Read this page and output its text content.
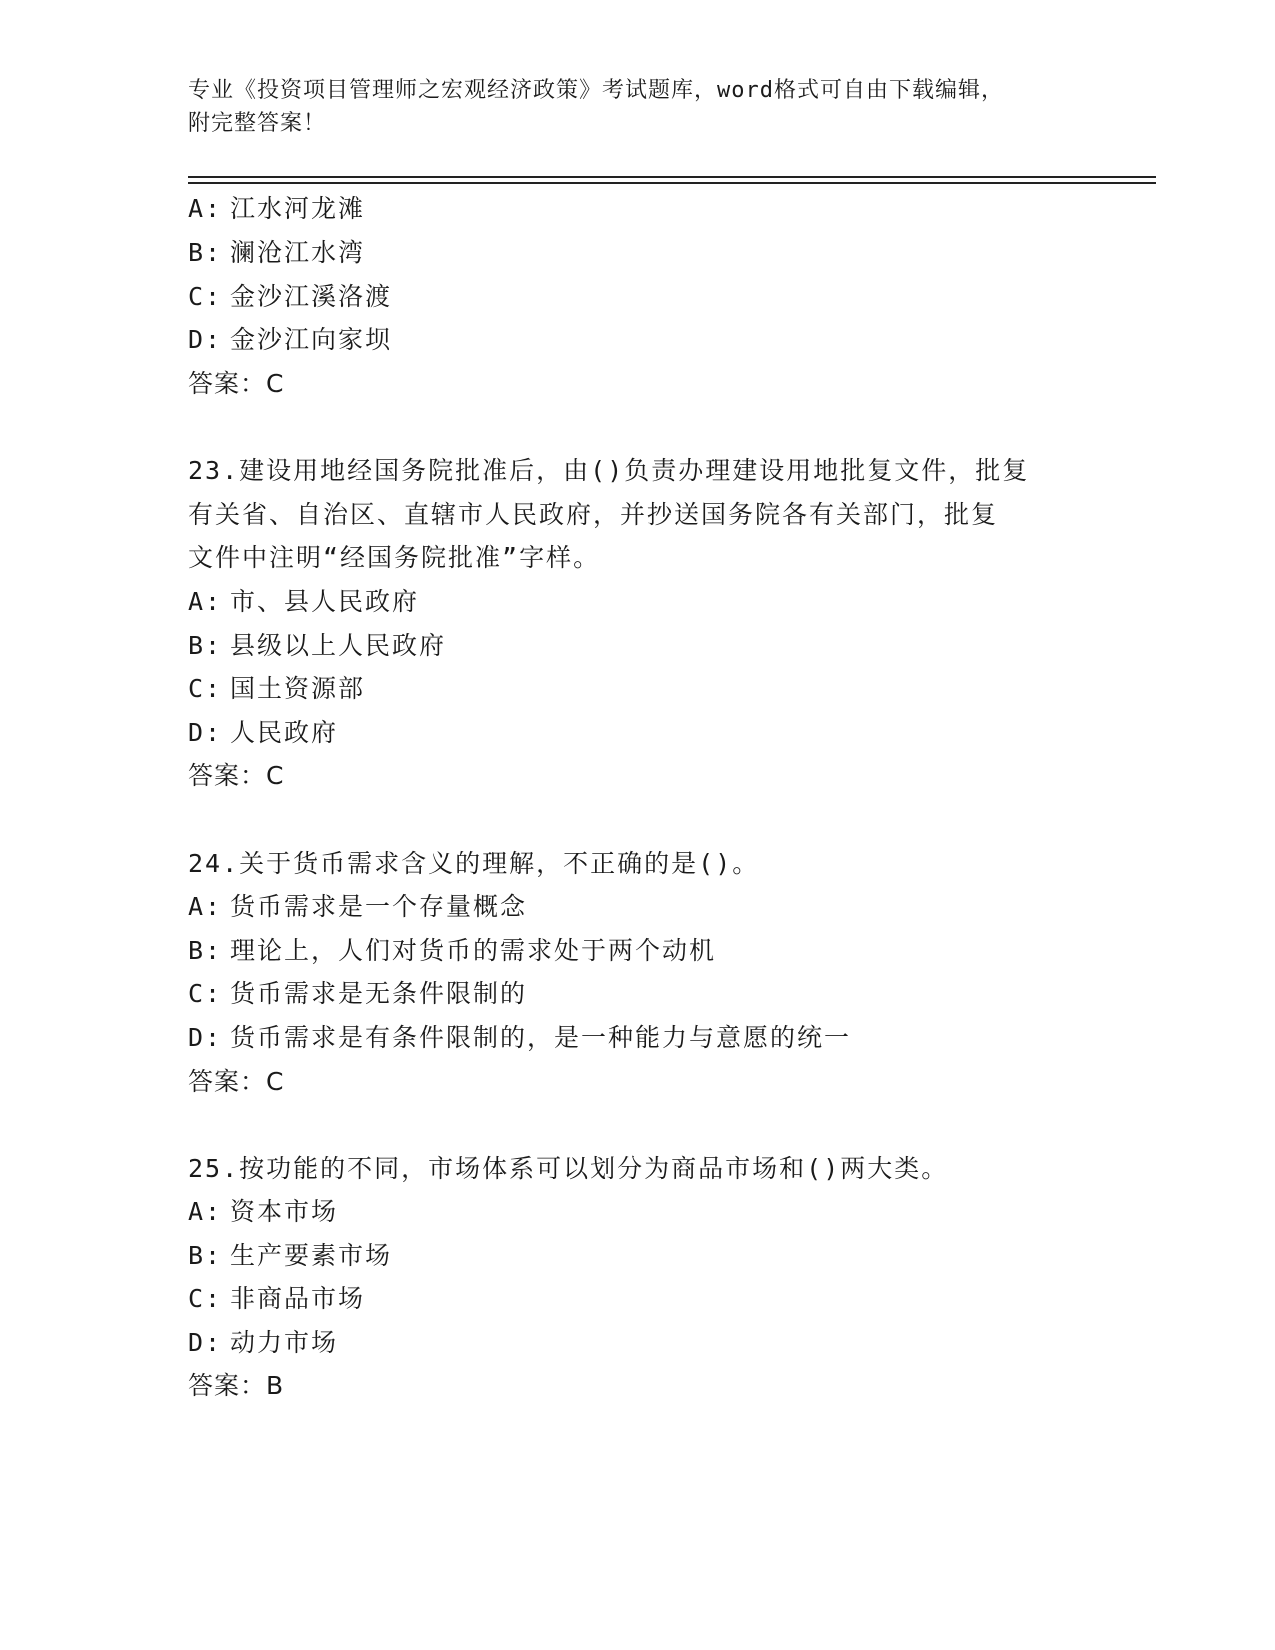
专业《投资项目管理师之宏观经济政策》考试题库，word格式可自由下载编辑，
附完整答案！
A: 江水河龙滩
B: 澜沧江水湾
C: 金沙江溪洛渡
D: 金沙江向家坝
答案：C
23.建设用地经国务院批准后，由()负责办理建设用地批复文件，批复
有关省、自治区、直辖市人民政府，并抄送国务院各有关部门，批复
文件中注明“经国务院批准”字样。
A: 市、县人民政府
B: 县级以上人民政府
C: 国土资源部
D: 人民政府
答案：C
24.关于货币需求含义的理解，不正确的是()。
A: 货币需求是一个存量概念
B: 理论上，人们对货币的需求处于两个动机
C: 货币需求是无条件限制的
D: 货币需求是有条件限制的，是一种能力与意愿的统一
答案：C
25.按功能的不同，市场体系可以划分为商品市场和()两大类。
A: 资本市场
B: 生产要素市场
C: 非商品市场
D: 动力市场
答案：B
